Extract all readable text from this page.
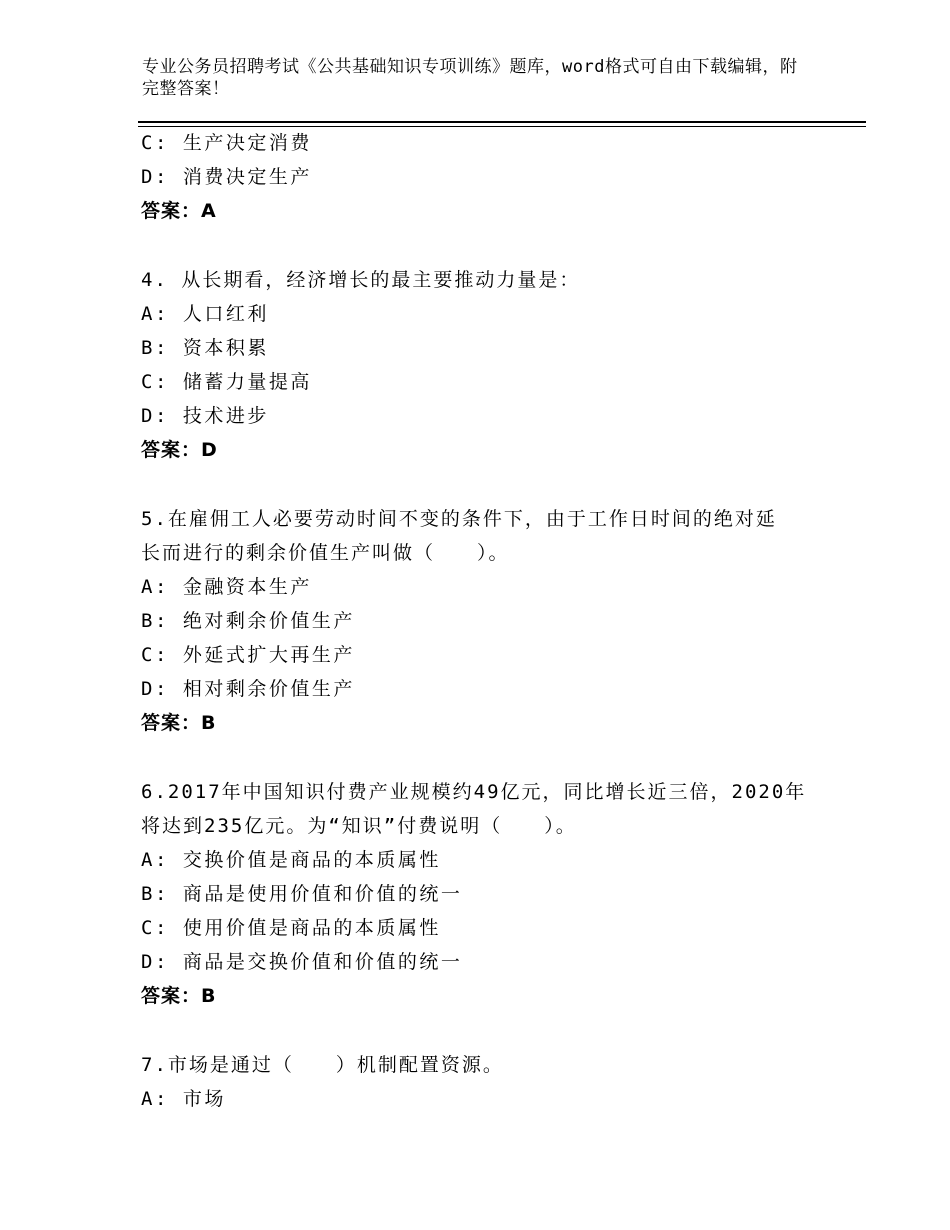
专业公务员招聘考试《公共基础知识专项训练》题库，word格式可自由下载编辑，附完整答案！
C: 生产决定消费
D: 消费决定生产
答案：A
4. 从长期看，经济增长的最主要推动力量是：
A: 人口红利
B: 资本积累
C: 储蓄力量提高
D: 技术进步
答案：D
5.在雇佣工人必要劳动时间不变的条件下，由于工作日时间的绝对延
长而进行的剩余价值生产叫做（　　）。
A: 金融资本生产
B: 绝对剩余价值生产
C: 外延式扩大再生产
D: 相对剩余价值生产
答案：B
6.2017年中国知识付费产业规模约49亿元，同比增长近三倍，2020年
将达到235亿元。为“知识”付费说明（　　）。
A: 交换价值是商品的本质属性
B: 商品是使用价值和价值的统一
C: 使用价值是商品的本质属性
D: 商品是交换价值和价值的统一
答案：B
7.市场是通过（　　）机制配置资源。
A: 市场
